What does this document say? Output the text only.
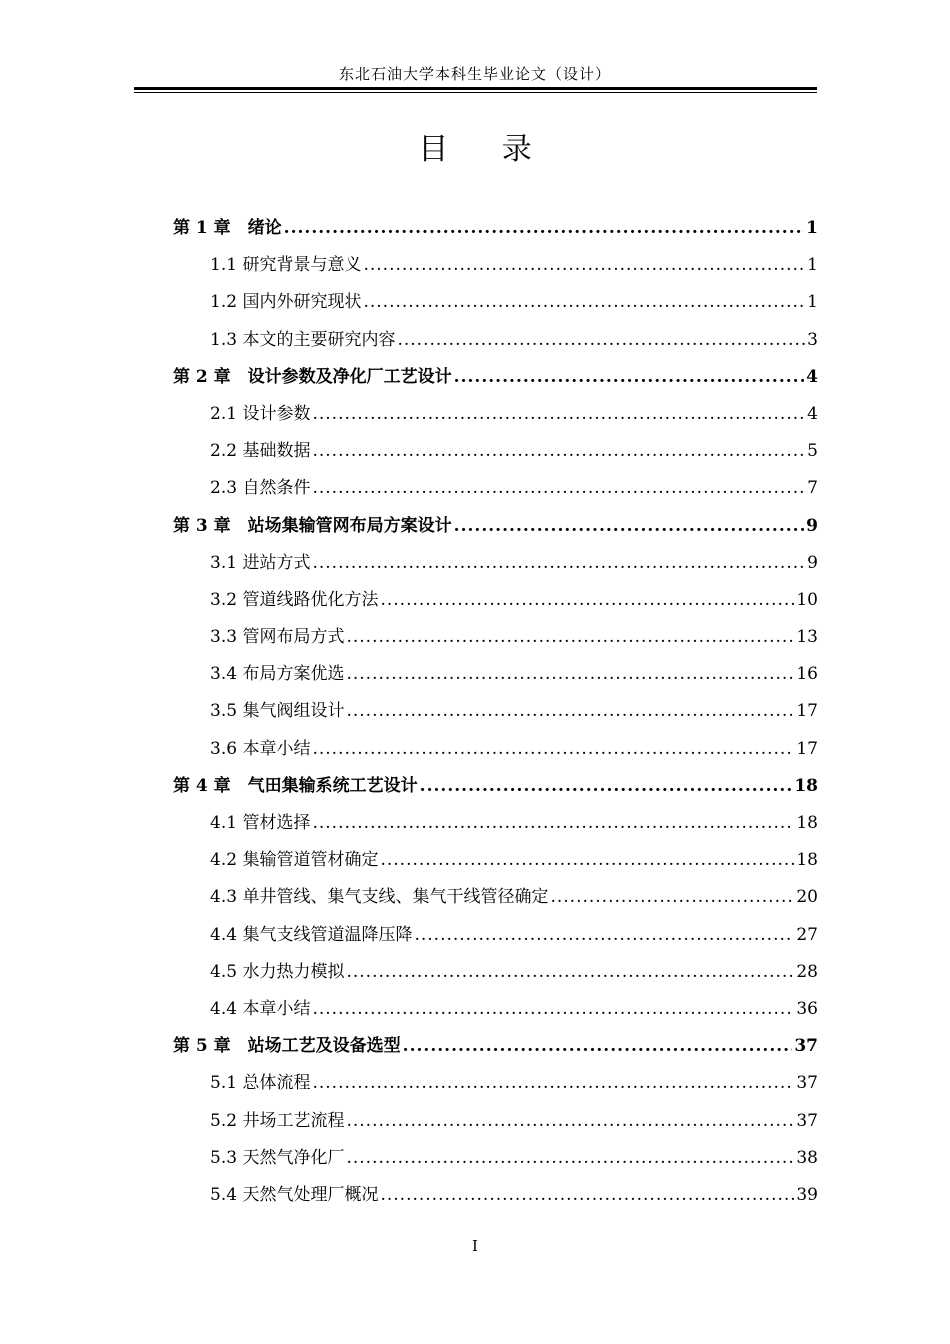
东北石油大学本科生毕业论文（设计）
目 录
第 1 章　绪论 .....	1
1.1 研究背景与意义 .....	1
1.2 国内外研究现状 .....	1
1.3 本文的主要研究内容 .....	3
第 2 章　设计参数及净化厂工艺设计 .....	4
2.1 设计参数 .....	4
2.2 基础数据 .....	5
2.3 自然条件 .....	7
第 3 章　站场集输管网布局方案设计 .....	9
3.1 进站方式 .....	9
3.2 管道线路优化方法 .....	10
3.3 管网布局方式 .....	13
3.4 布局方案优选 .....	16
3.5 集气阀组设计 .....	17
3.6 本章小结 .....	17
第 4 章　气田集输系统工艺设计 .....	18
4.1 管材选择 .....	18
4.2 集输管道管材确定 .....	18
4.3 单井管线、集气支线、集气干线管径确定 .....	20
4.4 集气支线管道温降压降 .....	27
4.5 水力热力模拟 .....	28
4.4 本章小结 .....	36
第 5 章　站场工艺及设备选型 .....	37
5.1 总体流程 .....	37
5.2 井场工艺流程 .....	37
5.3 天然气净化厂 .....	38
5.4 天然气处理厂概况 .....	39
I
